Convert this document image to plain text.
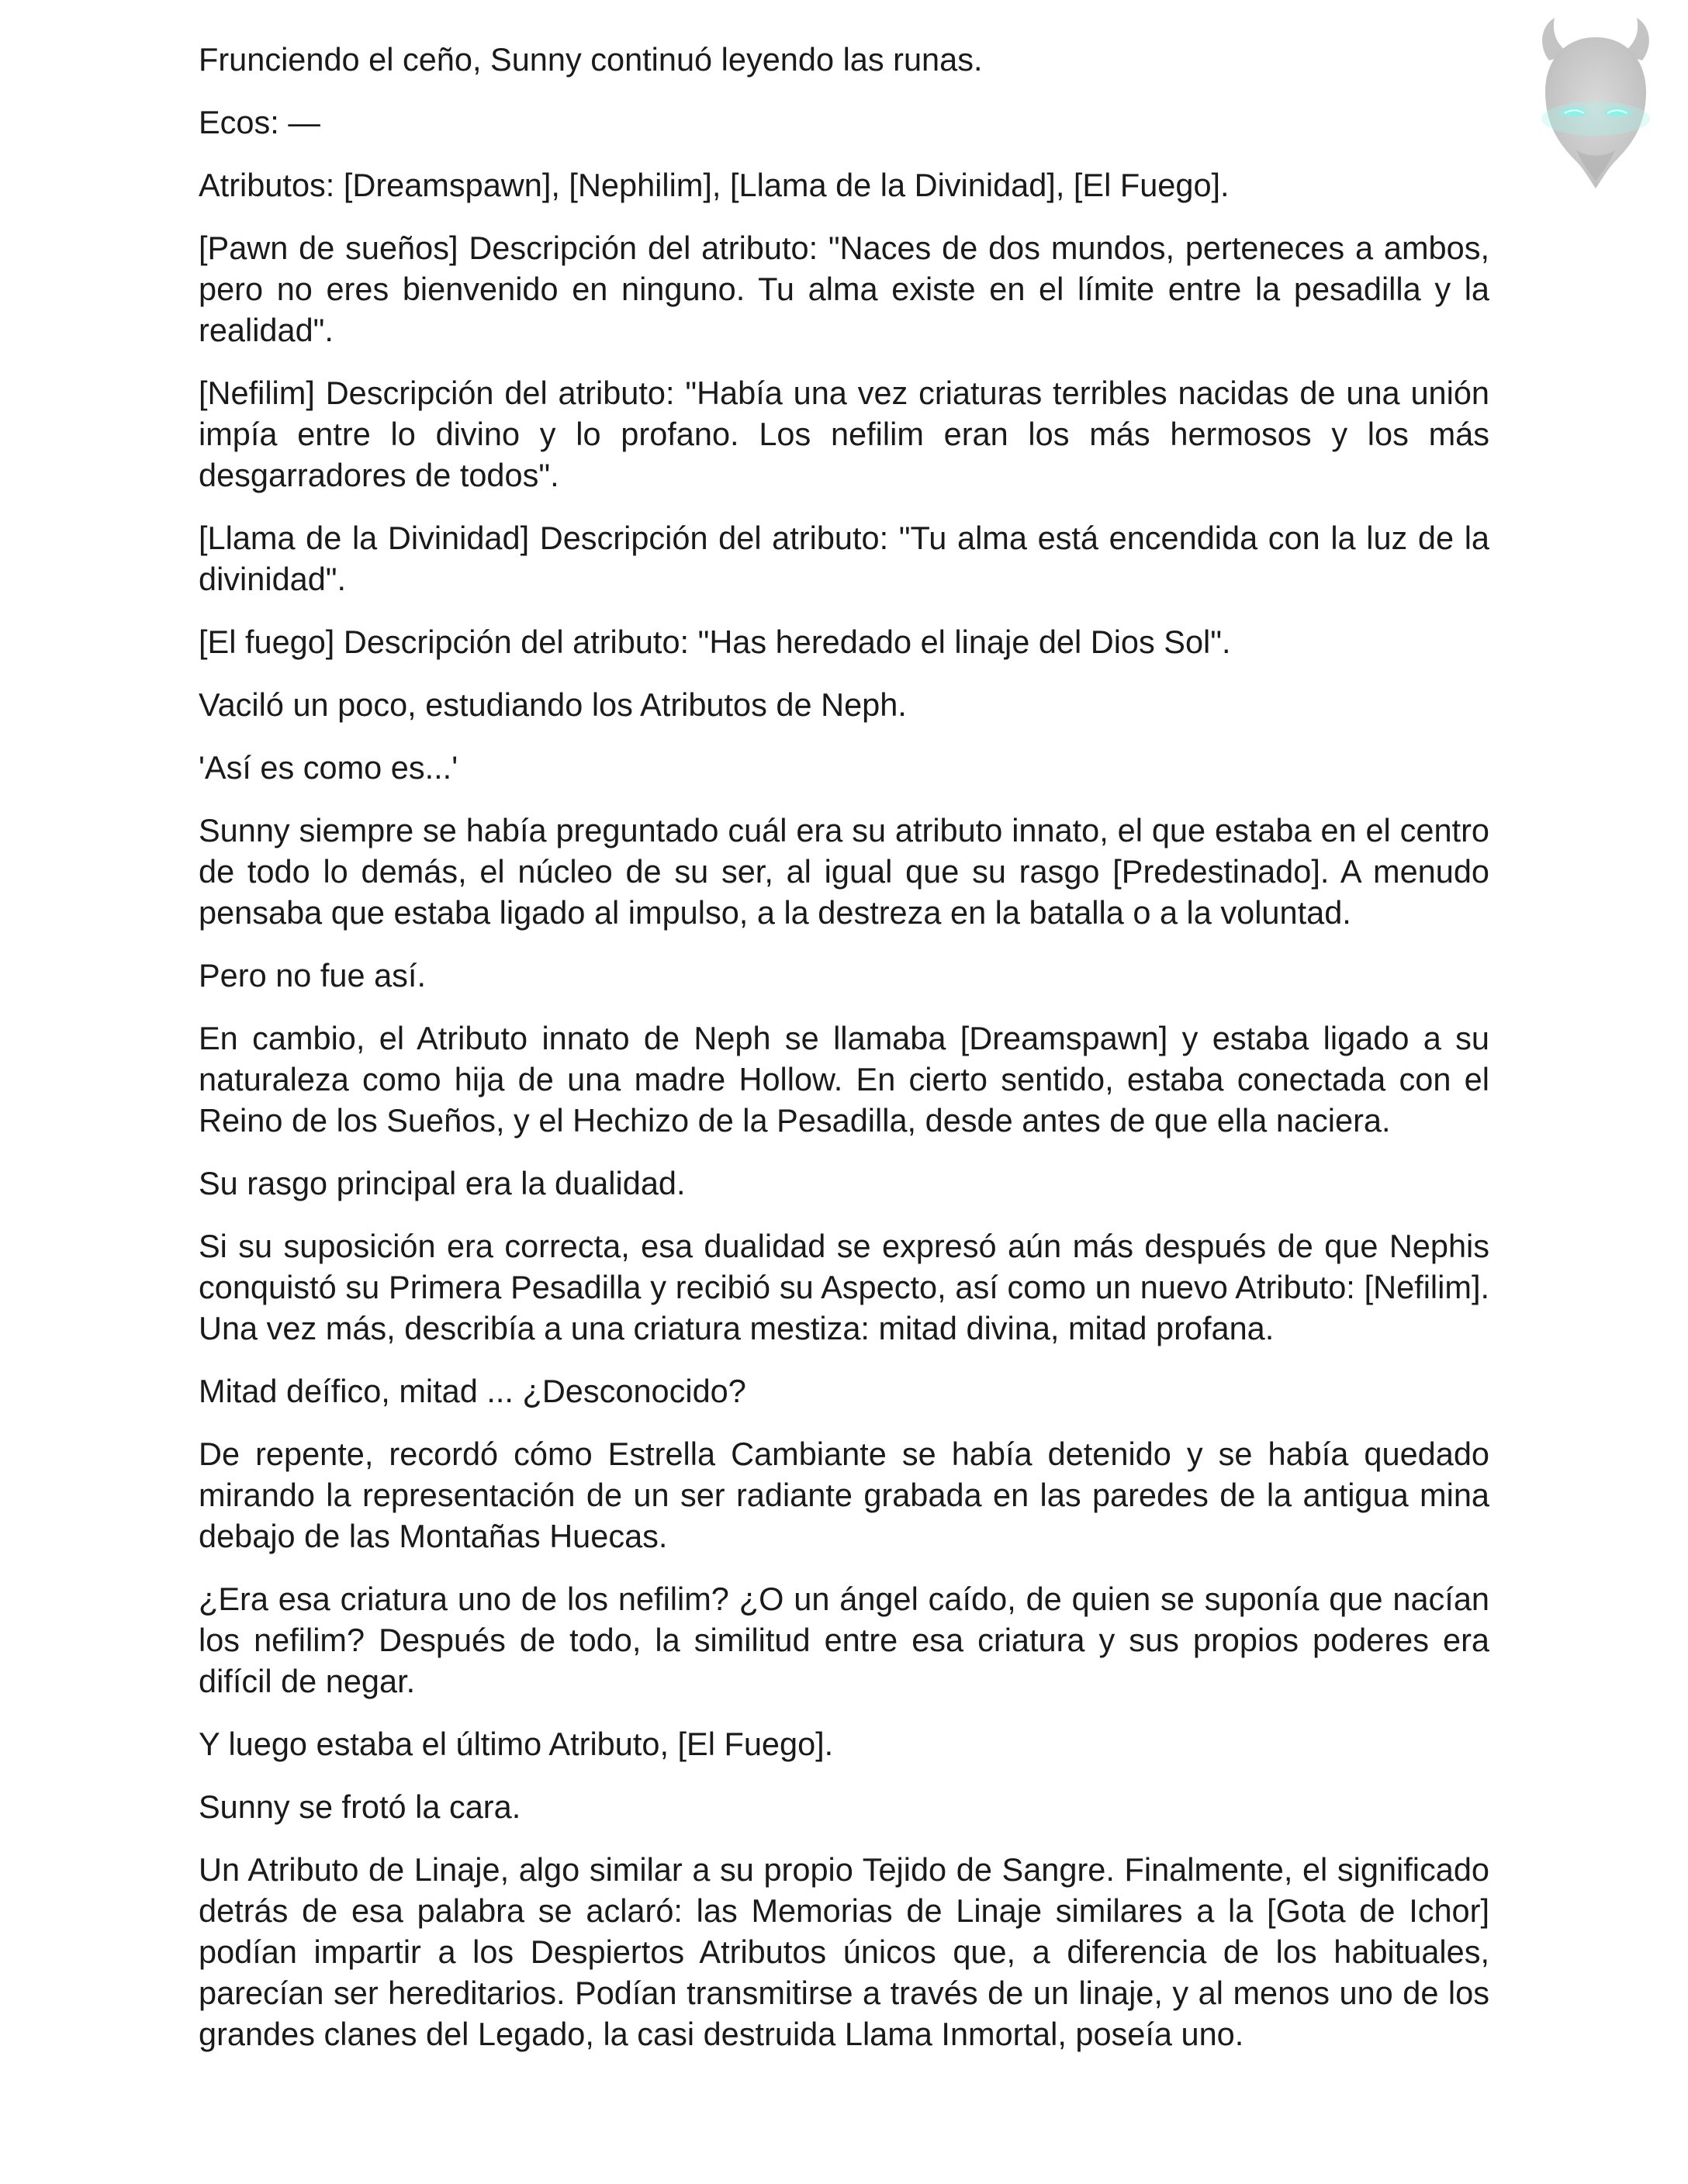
Frunciendo el ceño, Sunny continuó leyendo las runas.

Ecos: —

Atributos: [Dreamspawn], [Nephilim], [Llama de la Divinidad], [El Fuego].

[Pawn de sueños] Descripción del atributo: "Naces de dos mundos, perteneces a ambos, pero no eres bienvenido en ninguno. Tu alma existe en el límite entre la pesadilla y la realidad".

[Nefilim] Descripción del atributo: "Había una vez criaturas terribles nacidas de una unión impía entre lo divino y lo profano. Los nefilim eran los más hermosos y los más desgarradores de todos".

[Llama de la Divinidad] Descripción del atributo: "Tu alma está encendida con la luz de la divinidad".

[El fuego] Descripción del atributo: "Has heredado el linaje del Dios Sol".

Vaciló un poco, estudiando los Atributos de Neph.

'Así es como es...'

Sunny siempre se había preguntado cuál era su atributo innato, el que estaba en el centro de todo lo demás, el núcleo de su ser, al igual que su rasgo [Predestinado]. A menudo pensaba que estaba ligado al impulso, a la destreza en la batalla o a la voluntad.

Pero no fue así.

En cambio, el Atributo innato de Neph se llamaba [Dreamspawn] y estaba ligado a su naturaleza como hija de una madre Hollow. En cierto sentido, estaba conectada con el Reino de los Sueños, y el Hechizo de la Pesadilla, desde antes de que ella naciera.

Su rasgo principal era la dualidad.

Si su suposición era correcta, esa dualidad se expresó aún más después de que Nephis conquistó su Primera Pesadilla y recibió su Aspecto, así como un nuevo Atributo: [Nefilim]. Una vez más, describía a una criatura mestiza: mitad divina, mitad profana.

Mitad deífico, mitad ... ¿Desconocido?

De repente, recordó cómo Estrella Cambiante se había detenido y se había quedado mirando la representación de un ser radiante grabada en las paredes de la antigua mina debajo de las Montañas Huecas.

¿Era esa criatura uno de los nefilim? ¿O un ángel caído, de quien se suponía que nacían los nefilim? Después de todo, la similitud entre esa criatura y sus propios poderes era difícil de negar.

Y luego estaba el último Atributo, [El Fuego].

Sunny se frotó la cara.

Un Atributo de Linaje, algo similar a su propio Tejido de Sangre. Finalmente, el significado detrás de esa palabra se aclaró: las Memorias de Linaje similares a la [Gota de Ichor] podían impartir a los Despiertos Atributos únicos que, a diferencia de los habituales, parecían ser hereditarios. Podían transmitirse a través de un linaje, y al menos uno de los grandes clanes del Legado, la casi destruida Llama Inmortal, poseía uno.
